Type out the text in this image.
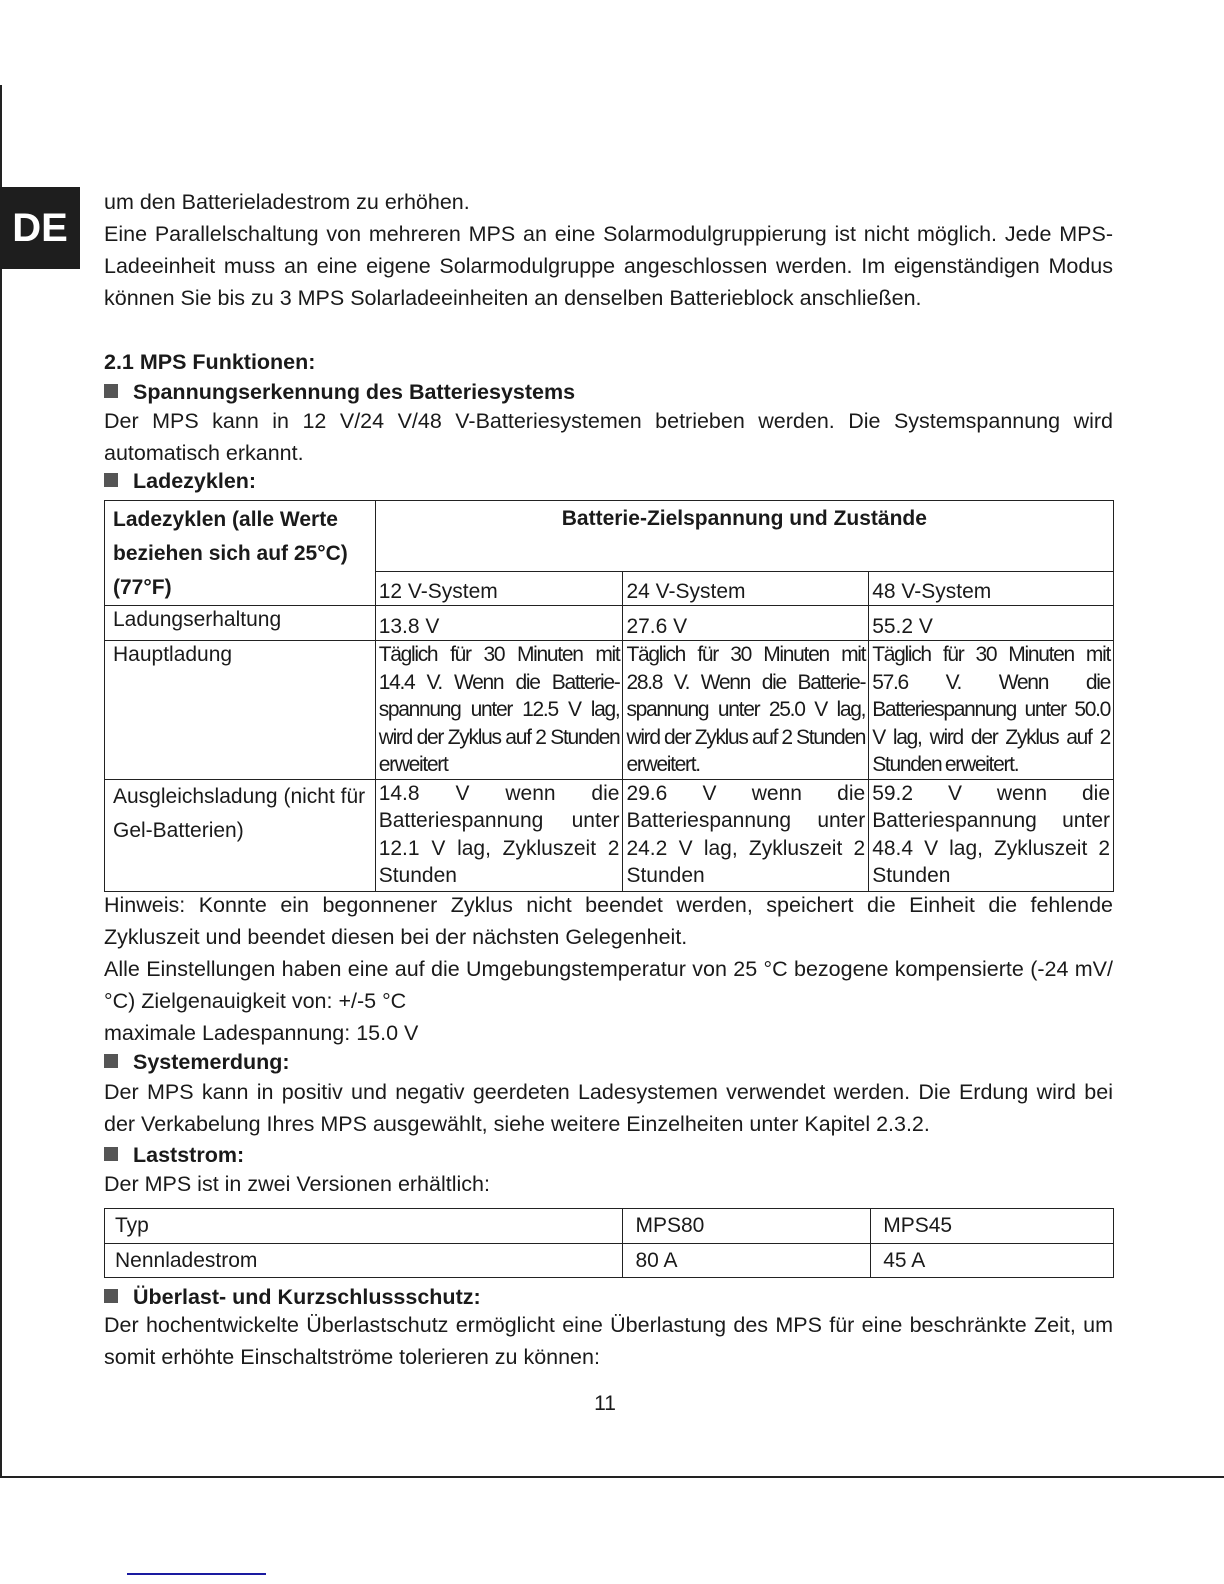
DE
um den Batterieladestrom zu erhöhen.
Eine Parallelschaltung von mehreren MPS an eine Solarmodulgruppierung ist nicht möglich. Jede MPS-Ladeeinheit muss an eine eigene Solarmodulgruppe angeschlossen werden. Im eigenständigen Modus können Sie bis zu 3 MPS Solarladeeinheiten an denselben Batterieblock anschließen.
2.1 MPS Funktionen:
Spannungserkennung des Batteriesystems
Der MPS kann in 12 V/24 V/48 V-Batteriesystemen betrieben werden. Die Systemspannung wird automatisch erkannt.
Ladezyklen:
Ladezyklen (alle Werte beziehen sich auf 25°C) (77°F)	Batterie-Zielspannung und Zustände		
	12 V-System	24 V-System	48 V-System
Ladungserhaltung	13.8 V	27.6 V	55.2 V
Hauptladung	Täglich für 30 Minuten mit 14.4 V. Wenn die Batterie-spannung unter 12.5 V lag, wird der Zyklus auf 2 Stunden erweitert	Täglich für 30 Minuten mit 28.8 V. Wenn die Batterie-spannung unter 25.0 V lag, wird der Zyklus auf 2 Stunden erweitert.	Täglich für 30 Minuten mit 57.6 V. Wenn die Batteriespannung unter 50.0 V lag, wird der Zyklus auf 2 Stunden erweitert.
Ausgleichsladung (nicht für Gel-Batterien)	14.8 V wenn die Batteriespannung unter 12.1 V lag, Zykluszeit 2 Stunden	29.6 V wenn die Batteriespannung unter 24.2 V lag, Zykluszeit 2 Stunden	59.2 V wenn die Batteriespannung unter 48.4 V lag, Zykluszeit 2 Stunden
Hinweis: Konnte ein begonnener Zyklus nicht beendet werden, speichert die Einheit die fehlende Zykluszeit und beendet diesen bei der nächsten Gelegenheit.
Alle Einstellungen haben eine auf die Umgebungstemperatur von 25 °C bezogene kompensierte (-24 mV/°C) Zielgenauigkeit von: +/-5 °C
maximale Ladespannung: 15.0 V
Systemerdung:
Der MPS kann in positiv und negativ geerdeten Ladesystemen verwendet werden. Die Erdung wird bei der Verkabelung Ihres MPS ausgewählt, siehe weitere Einzelheiten unter Kapitel 2.3.2.
Laststrom:
Der MPS ist in zwei Versionen erhältlich:
Typ	MPS80	MPS45
Nennladestrom	80 A	45 A
Überlast- und Kurzschlussschutz:
Der hochentwickelte Überlastschutz ermöglicht eine Überlastung des MPS für eine beschränkte Zeit, um somit erhöhte Einschaltströme tolerieren zu können:
11
